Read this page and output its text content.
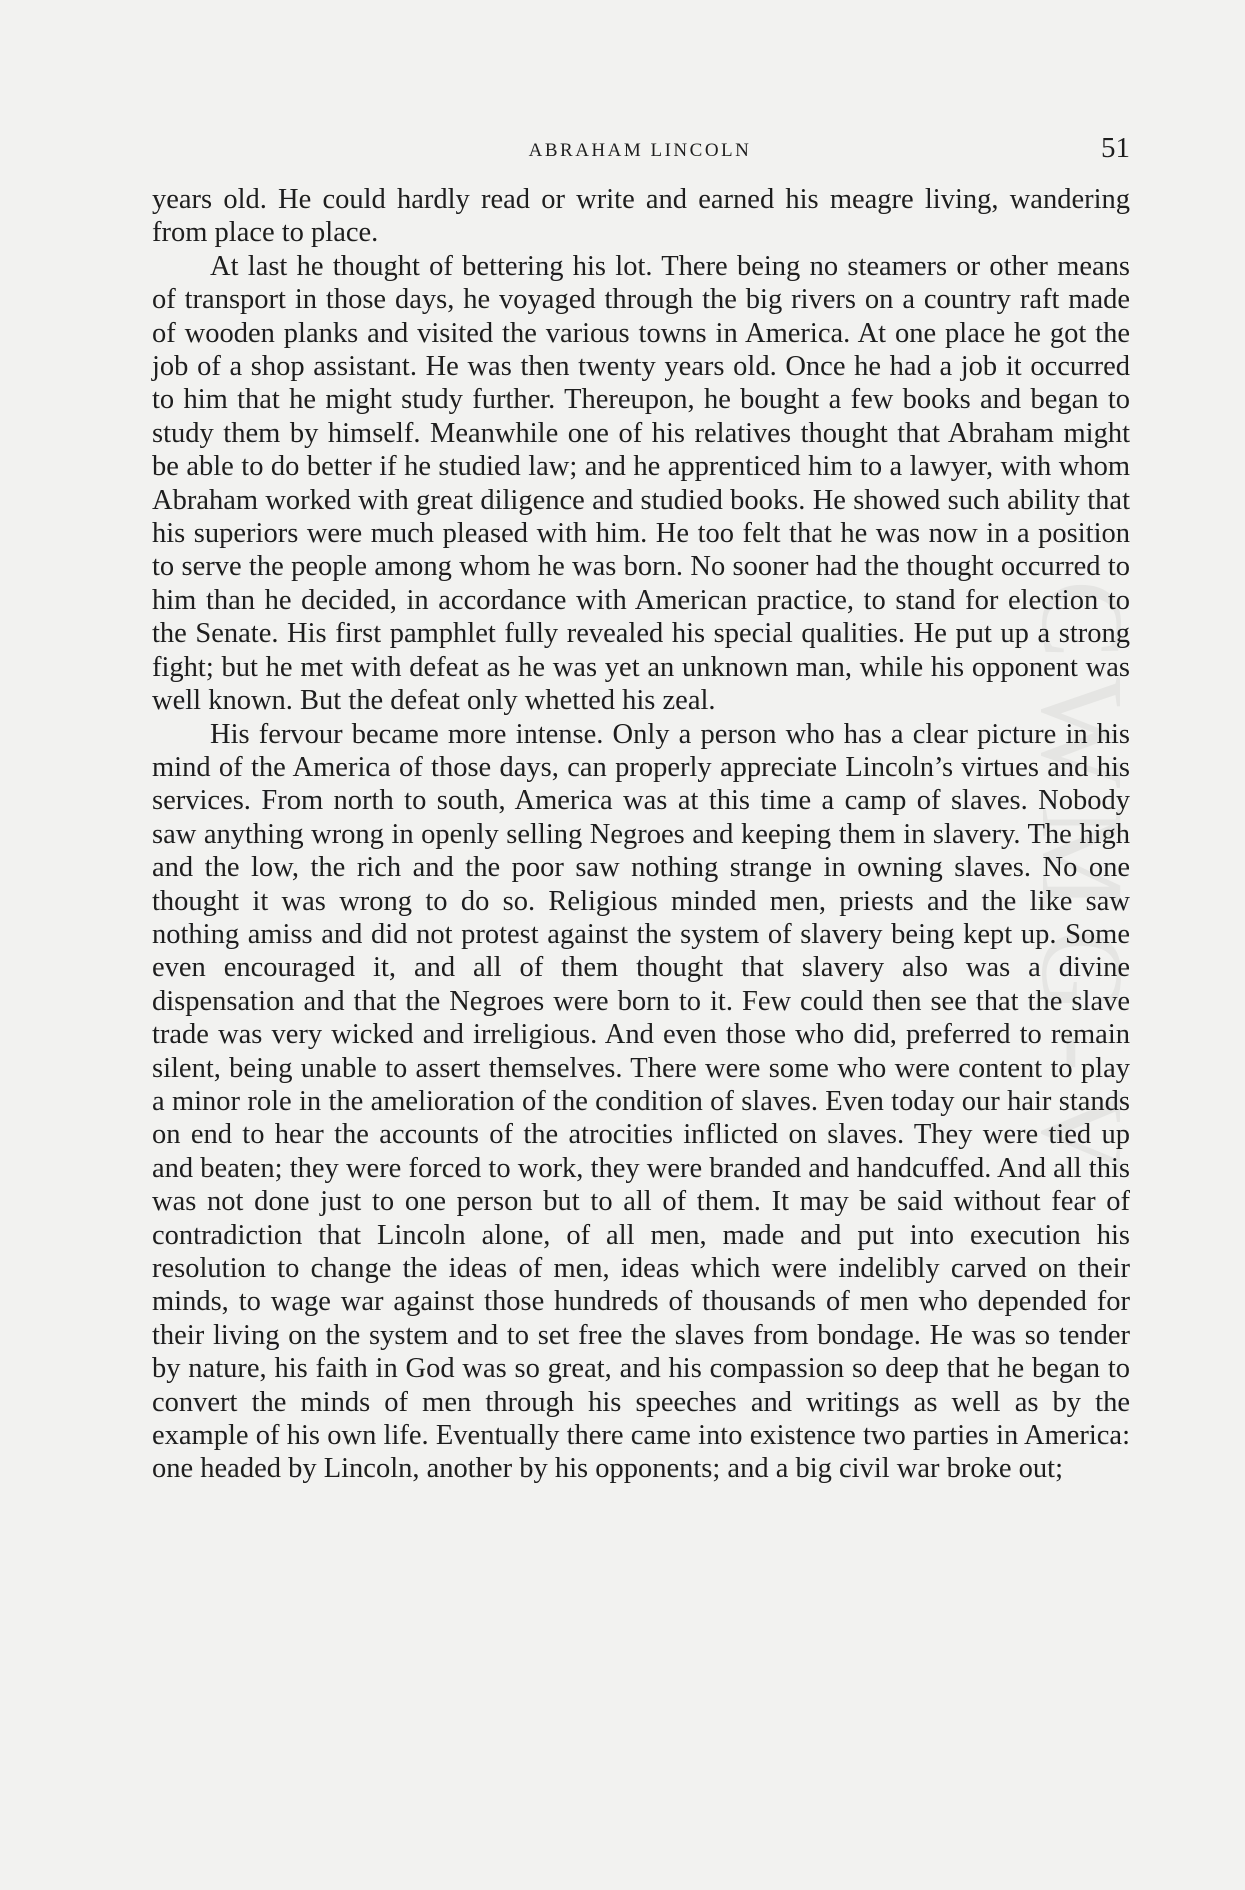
ABRAHAM LINCOLN	51

years old. He could hardly read or write and earned his meagre living, wandering from place to place.

At last he thought of bettering his lot. There being no steamers or other means of transport in those days, he voyaged through the big rivers on a country raft made of wooden planks and visited the various towns in America. At one place he got the job of a shop assistant. He was then twenty years old. Once he had a job it occurred to him that he might study further. Thereupon, he bought a few books and began to study them by himself. Meanwhile one of his relatives thought that Abraham might be able to do better if he studied law; and he apprenticed him to a lawyer, with whom Abraham worked with great diligence and studied books. He showed such ability that his superiors were much pleased with him. He too felt that he was now in a position to serve the people among whom he was born. No sooner had the thought occurred to him than he decided, in accordance with American practice, to stand for election to the Senate. His first pamphlet fully revealed his special qualities. He put up a strong fight; but he met with defeat as he was yet an unknown man, while his opponent was well known. But the defeat only whetted his zeal.

His fervour became more intense. Only a person who has a clear picture in his mind of the America of those days, can properly appreciate Lincoln’s virtues and his services. From north to south, America was at this time a camp of slaves. Nobody saw anything wrong in openly selling Negroes and keeping them in slavery. The high and the low, the rich and the poor saw nothing strange in owning slaves. No one thought it was wrong to do so. Religious minded men, priests and the like saw nothing amiss and did not protest against the system of slavery being kept up. Some even encouraged it, and all of them thought that slavery also was a divine dispensation and that the Negroes were born to it. Few could then see that the slave trade was very wicked and irreligious. And even those who did, preferred to remain silent, being unable to assert themselves. There were some who were content to play a minor role in the amelioration of the condition of slaves. Even today our hair stands on end to hear the accounts of the atrocities inflicted on slaves. They were tied up and beaten; they were forced to work, they were branded and handcuffed. And all this was not done just to one person but to all of them. It may be said without fear of contradiction that Lincoln alone, of all men, made and put into execution his resolution to change the ideas of men, ideas which were indelibly carved on their minds, to wage war against those hundreds of thousands of men who depended for their living on the system and to set free the slaves from bondage. He was so tender by nature, his faith in God was so great, and his compassion so deep that he began to convert the minds of men through his speeches and writings as well as by the example of his own life. Eventually there came into existence two parties in America: one headed by Lincoln, another by his opponents; and a big civil war broke out;

CWMG-V
